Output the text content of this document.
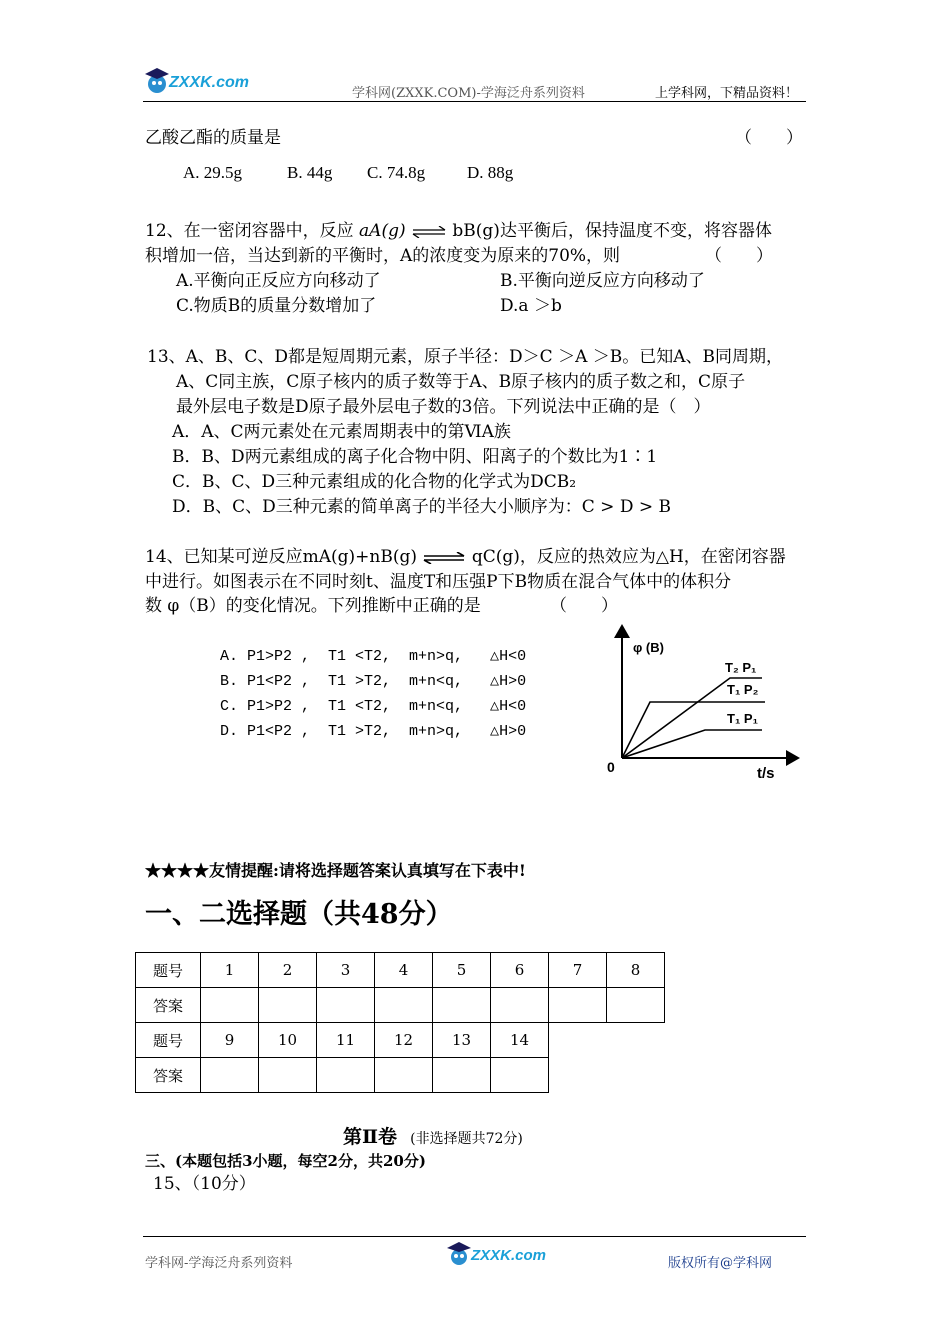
ZXXK.com
学科网(ZXXK.COM)-学海泛舟系列资料	上学科网，下精品资料！
乙酸乙酯的质量是	（　　）
A. 29.5g	B. 44g C. 74.8g D. 88g
12、在一密闭容器中，反应 aA(g) ⇌ bB(g)达平衡后，保持温度不变，将容器体
积增加一倍，当达到新的平衡时，A的浓度变为原来的70%，则	（　　）
A.平衡向正反应方向移动了	B.平衡向逆反应方向移动了
C.物质B的质量分数增加了	D.a ＞b
13、A、B、C、D都是短周期元素，原子半径：D＞C ＞A ＞B。已知A、B同周期，
A、C同主族，C原子核内的质子数等于A、B原子核内的质子数之和，C原子
最外层电子数是D原子最外层电子数的3倍。下列说法中正确的是（　）
A．A、C两元素处在元素周期表中的第ⅥA族
B．B、D两元素组成的离子化合物中阴、阳离子的个数比为1∶1
C．B、C、D三种元素组成的化合物的化学式为DCB₂
D．B、C、D三种元素的简单离子的半径大小顺序为：C > D > B
14、已知某可逆反应mA(g)+nB(g) ⇌ qC(g)，反应的热效应为△H，在密闭容器
中进行。如图表示在不同时刻t、温度T和压强P下B物质在混合气体中的体积分
数 φ（B）的变化情况。下列推断中正确的是	（　　）
A. P1>P2 ,  T1 <T2,  m+n>q,   △H<0
B. P1<P2 ,  T1 >T2,  m+n<q,   △H>0
C. P1>P2 ,  T1 <T2,  m+n<q,   △H<0
D. P1<P2 ,  T1 >T2,  m+n>q,   △H>0
φ (B)
0	t/s
T₂ P₁
T₁ P₂
T₁ P₁
★★★★友情提醒:请将选择题答案认真填写在下表中!
一、二选择题（共48分）
题号	1	2	3	4	5	6	7	8
答案								
题号	9	10	11	12	13	14		
答案								
第Ⅱ卷 (非选择题共72分)
三、(本题包括3小题，每空2分，共20分)
15、（10分）
学科网-学海泛舟系列资料	ZXXK.com	版权所有@学科网
